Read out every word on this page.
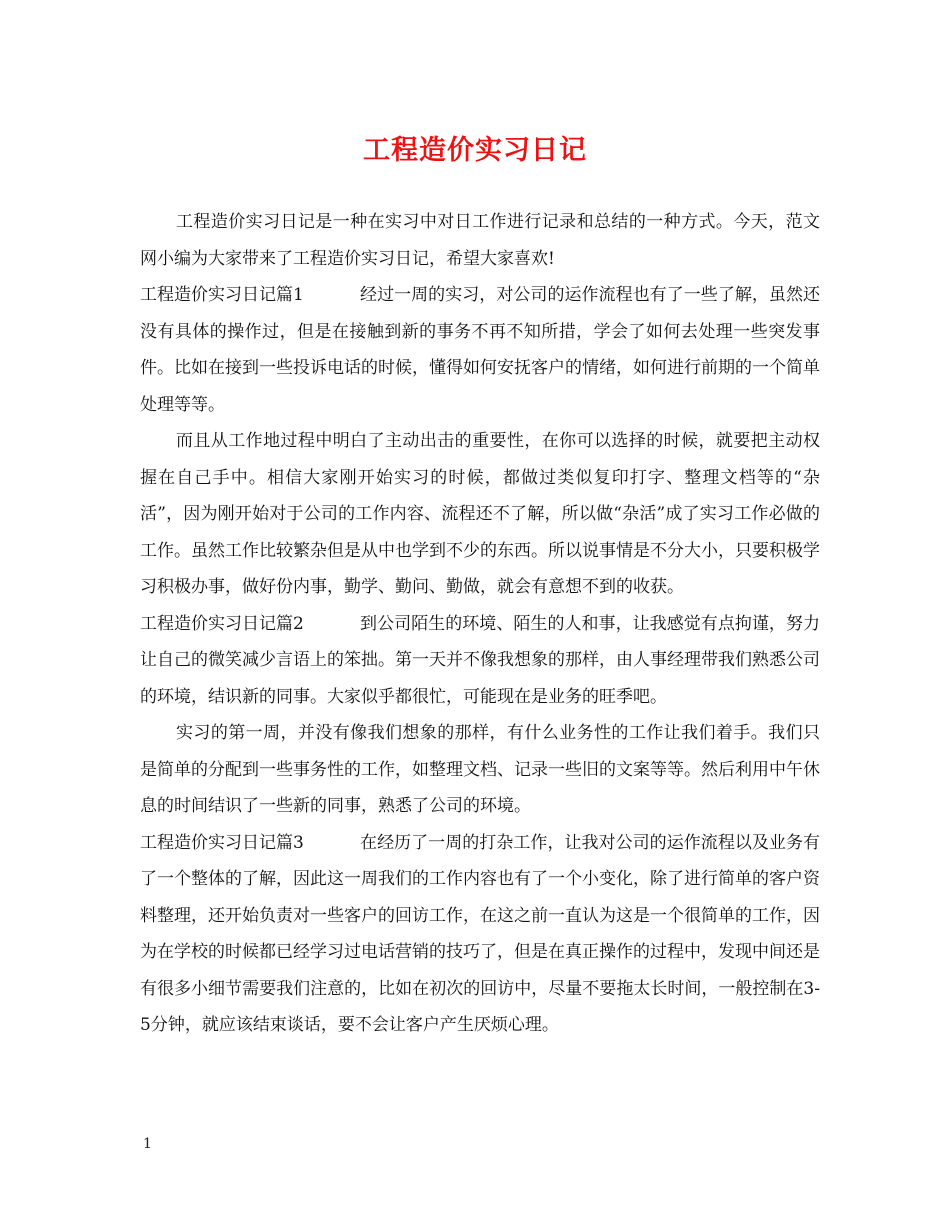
工程造价实习日记

工程造价实习日记是一种在实习中对日工作进行记录和总结的一种方式。今天，范文网小编为大家带来了工程造价实习日记，希望大家喜欢!

工程造价实习日记篇1	经过一周的实习，对公司的运作流程也有了一些了解，虽然还没有具体的操作过，但是在接触到新的事务不再不知所措，学会了如何去处理一些突发事件。比如在接到一些投诉电话的时候，懂得如何安抚客户的情绪，如何进行前期的一个简单处理等等。

而且从工作地过程中明白了主动出击的重要性，在你可以选择的时候，就要把主动权握在自己手中。相信大家刚开始实习的时候，都做过类似复印打字、整理文档等的“杂活”，因为刚开始对于公司的工作内容、流程还不了解，所以做“杂活”成了实习工作必做的工作。虽然工作比较繁杂但是从中也学到不少的东西。所以说事情是不分大小，只要积极学习积极办事，做好份内事，勤学、勤问、勤做，就会有意想不到的收获。

工程造价实习日记篇2	到公司陌生的环境、陌生的人和事，让我感觉有点拘谨，努力让自己的微笑减少言语上的笨拙。第一天并不像我想象的那样，由人事经理带我们熟悉公司的环境，结识新的同事。大家似乎都很忙，可能现在是业务的旺季吧。

实习的第一周，并没有像我们想象的那样，有什么业务性的工作让我们着手。我们只是简单的分配到一些事务性的工作，如整理文档、记录一些旧的文案等等。然后利用中午休息的时间结识了一些新的同事，熟悉了公司的环境。

工程造价实习日记篇3	在经历了一周的打杂工作，让我对公司的运作流程以及业务有了一个整体的了解，因此这一周我们的工作内容也有了一个小变化，除了进行简单的客户资料整理，还开始负责对一些客户的回访工作，在这之前一直认为这是一个很简单的工作，因为在学校的时候都已经学习过电话营销的技巧了，但是在真正操作的过程中，发现中间还是有很多小细节需要我们注意的，比如在初次的回访中，尽量不要拖太长时间，一般控制在3-5分钟，就应该结束谈话，要不会让客户产生厌烦心理。

1
